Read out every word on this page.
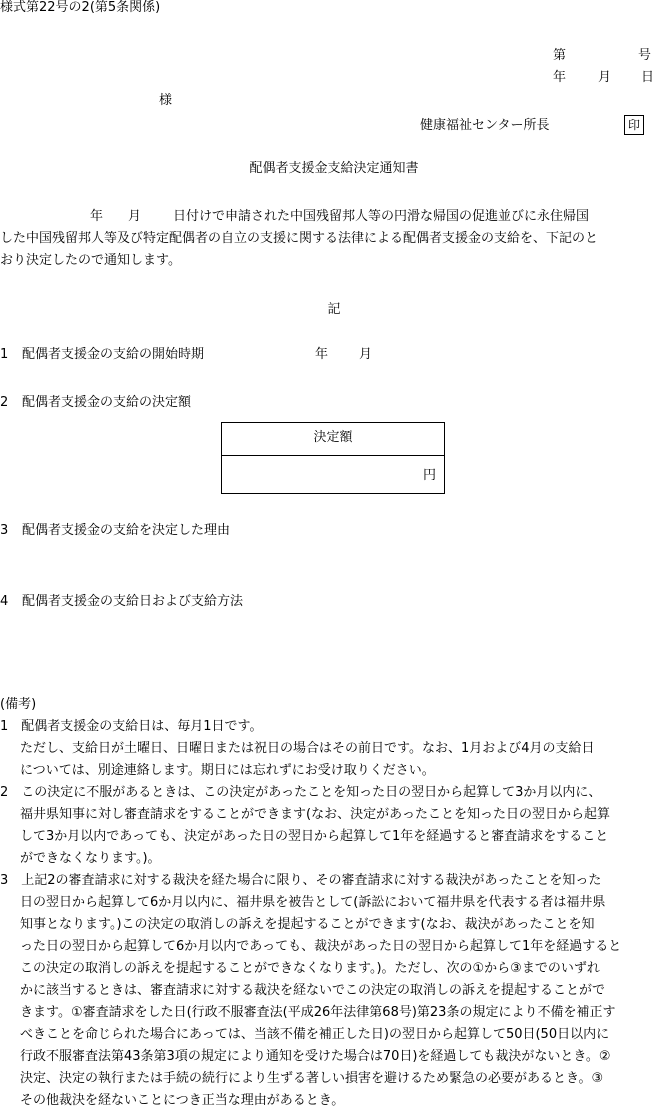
様式第22号の2(第5条関係)
第	号
年 月 日
様
健康福祉センター所長	印
配偶者支援金支給決定通知書

年 月 日付けで申請された中国残留邦人等の円滑な帰国の促進並びに永住帰国

した中国残留邦人等及び特定配偶者の自立の支援に関する法律による配偶者支援金の支給を、下記のと

おり決定したので通知します。

記
1 配偶者支援金の支給の開始時期	年 月
2 配偶者支援金の支給の決定額
決定額
円
3 配偶者支援金の支給を決定した理由
4 配偶者支援金の支給日および支給方法

(備考)

1　配偶者支援金の支給日は、毎月1日です。

ただし、支給日が土曜日、日曜日または祝日の場合はその前日です。なお、1月および4月の支給日

については、別途連絡します。期日には忘れずにお受け取りください。

2　この決定に不服があるときは、この決定があったことを知った日の翌日から起算して3か月以内に、

福井県知事に対し審査請求をすることができます(なお、決定があったことを知った日の翌日から起算

して3か月以内であっても、決定があった日の翌日から起算して1年を経過すると審査請求をすること

ができなくなります。)。

3　上記2の審査請求に対する裁決を経た場合に限り、その審査請求に対する裁決があったことを知った

日の翌日から起算して6か月以内に、福井県を被告として(訴訟において福井県を代表する者は福井県

知事となります。)この決定の取消しの訴えを提起することができます(なお、裁決があったことを知

った日の翌日から起算して6か月以内であっても、裁決があった日の翌日から起算して1年を経過すると

この決定の取消しの訴えを提起することができなくなります。)。ただし、次の①から③までのいずれ

かに該当するときは、審査請求に対する裁決を経ないでこの決定の取消しの訴えを提起することがで

きます。①審査請求をした日(行政不服審査法(平成26年法律第68号)第23条の規定により不備を補正す

べきことを命じられた場合にあっては、当該不備を補正した日)の翌日から起算して50日(50日以内に

行政不服審査法第43条第3項の規定により通知を受けた場合は70日)を経過しても裁決がないとき。②

決定、決定の執行または手続の続行により生ずる著しい損害を避けるため緊急の必要があるとき。③

その他裁決を経ないことにつき正当な理由があるとき。
